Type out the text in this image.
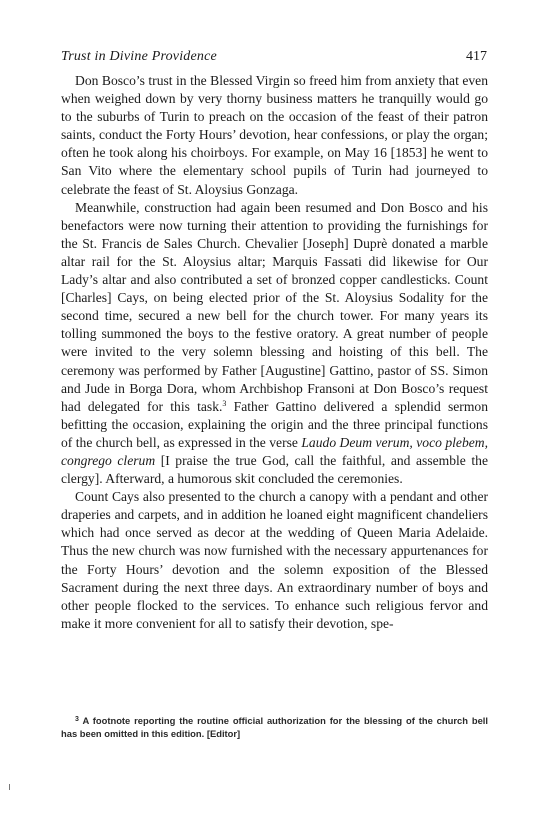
Trust in Divine Providence	417

Don Bosco’s trust in the Blessed Virgin so freed him from anxiety that even when weighed down by very thorny business matters he tranquilly would go to the suburbs of Turin to preach on the occasion of the feast of their patron saints, conduct the Forty Hours’ devotion, hear confessions, or play the organ; often he took along his choirboys. For example, on May 16 [1853] he went to San Vito where the elementary school pupils of Turin had journeyed to celebrate the feast of St. Aloysius Gonzaga.

Meanwhile, construction had again been resumed and Don Bosco and his benefactors were now turning their attention to providing the furnishings for the St. Francis de Sales Church. Chevalier [Joseph] Duprè donated a marble altar rail for the St. Aloysius altar; Marquis Fassati did likewise for Our Lady’s altar and also contributed a set of bronzed copper candlesticks. Count [Charles] Cays, on being elected prior of the St. Aloysius Sodality for the second time, secured a new bell for the church tower. For many years its tolling summoned the boys to the festive oratory. A great number of people were invited to the very solemn blessing and hoisting of this bell. The ceremony was performed by Father [Augustine] Gattino, pastor of SS. Simon and Jude in Borga Dora, whom Archbishop Fransoni at Don Bosco’s request had delegated for this task.$^3$ Father Gattino delivered a splendid sermon befitting the occasion, explaining the origin and the three principal functions of the church bell, as expressed in the verse Laudo Deum verum, voco plebem, congrego clerum [I praise the true God, call the faithful, and assemble the clergy]. Afterward, a humorous skit concluded the ceremonies.

Count Cays also presented to the church a canopy with a pendant and other draperies and carpets, and in addition he loaned eight magnificent chandeliers which had once served as decor at the wedding of Queen Maria Adelaide. Thus the new church was now furnished with the necessary appurtenances for the Forty Hours’ devotion and the solemn exposition of the Blessed Sacrament during the next three days. An extraordinary number of boys and other people flocked to the services. To enhance such religious fervor and make it more convenient for all to satisfy their devotion, spe-

$^3$ A footnote reporting the routine official authorization for the blessing of the church bell has been omitted in this edition. [Editor]
